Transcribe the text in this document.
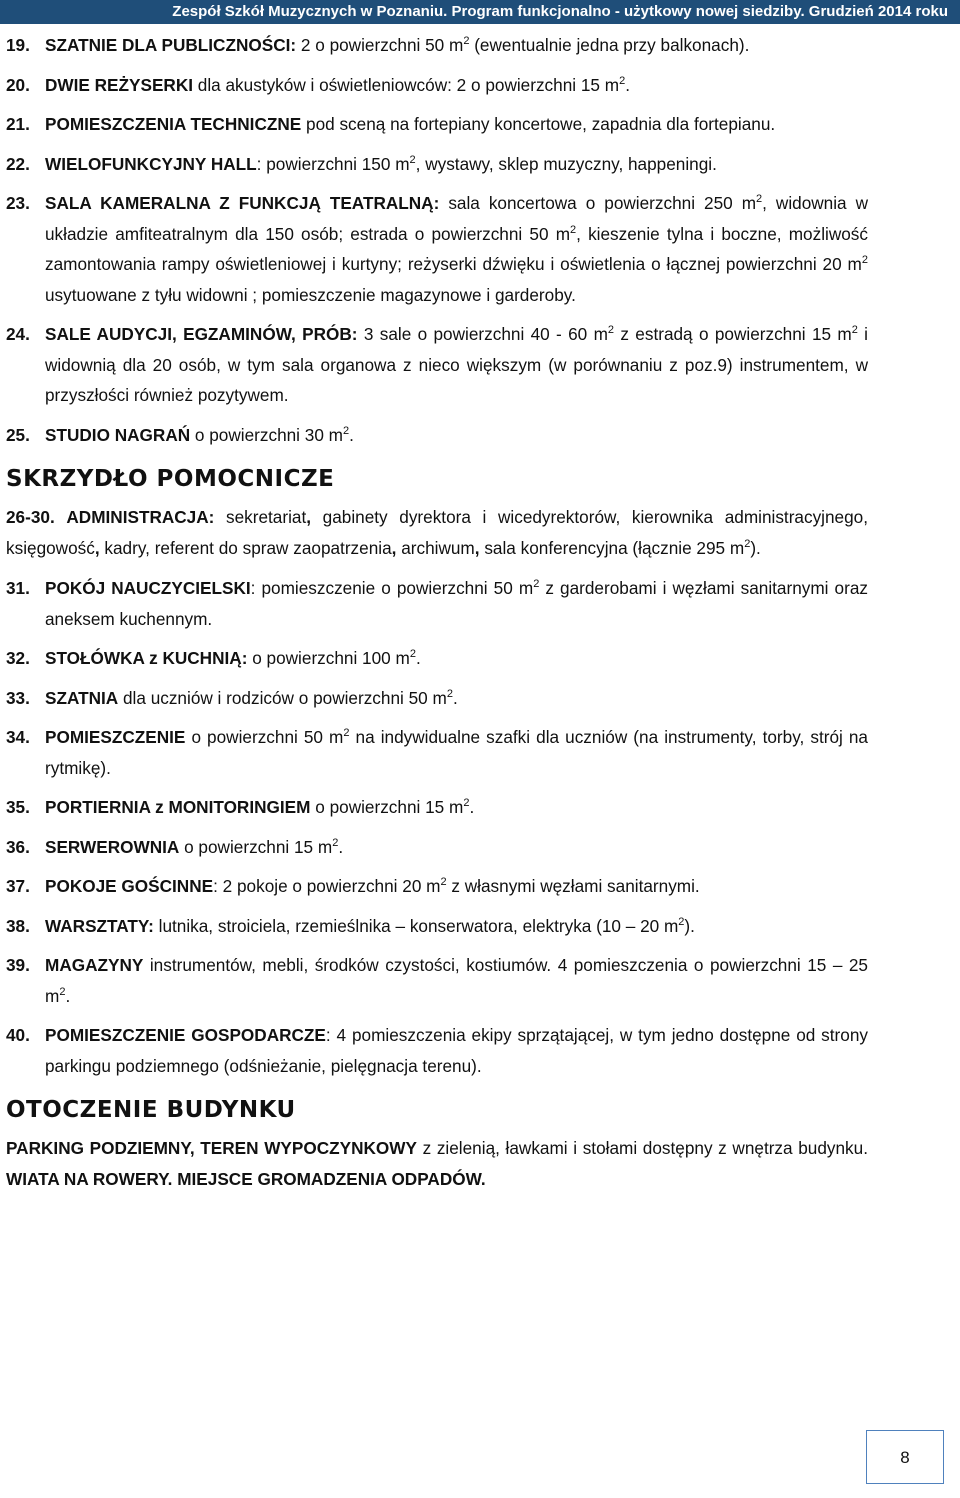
Zespół Szkół Muzycznych w Poznaniu. Program funkcjonalno - użytkowy nowej siedziby. Grudzień 2014 roku
19. SZATNIE DLA PUBLICZNOŚCI: 2 o powierzchni 50 $m^2$ (ewentualnie jedna przy balkonach).
20. DWIE REŻYSERKI dla akustyków i oświetleniowców: 2 o powierzchni 15 $m^2$.
21. POMIESZCZENIA TECHNICZNE pod sceną na fortepiany koncertowe, zapadnia dla fortepianu.
22. WIELOFUNKCYJNY HALL: powierzchni 150 $m^2$, wystawy, sklep muzyczny, happeningi.
23. SALA KAMERALNA Z FUNKCJĄ TEATRALNĄ: sala koncertowa o powierzchni 250 $m^2$, widownia w układzie amfiteatralnym dla 150 osób; estrada o powierzchni 50 $m^2$, kieszenie tylna i boczne, możliwość zamontowania rampy oświetleniowej i kurtyny; reżyserki dźwięku i oświetlenia o łącznej powierzchni 20 $m^2$ usytuowane z tyłu widowni ; pomieszczenie magazynowe i garderoby.
24. SALE AUDYCJI, EGZAMINÓW, PRÓB: 3 sale o powierzchni 40 - 60 $m^2$ z estradą o powierzchni 15 $m^2$ i widownią dla 20 osób, w tym sala organowa z nieco większym (w porównaniu z poz.9) instrumentem, w przyszłości również pozytywem.
25. STUDIO NAGRAŃ o powierzchni 30 $m^2$.
SKRZYDŁO POMOCNICZE
26-30. ADMINISTRACJA: sekretariat, gabinety dyrektora i wicedyrektorów, kierownika administracyjnego, księgowość, kadry, referent do spraw zaopatrzenia, archiwum, sala konferencyjna (łącznie 295 $m^2$).
31. POKÓJ NAUCZYCIELSKI: pomieszczenie o powierzchni 50 $m^2$ z garderobami i węzłami sanitarnymi oraz aneksem kuchennym.
32. STOŁÓWKA z KUCHNIĄ: o powierzchni 100 $m^2$.
33. SZATNIA dla uczniów i rodziców o powierzchni 50 $m^2$.
34. POMIESZCZENIE o powierzchni 50 $m^2$ na indywidualne szafki dla uczniów (na instrumenty, torby, strój na rytmikę).
35. PORTIERNIA z MONITORINGIEM o powierzchni 15 $m^2$.
36. SERWEROWNIA o powierzchni 15 $m^2$.
37. POKOJE GOŚCINNE: 2 pokoje o powierzchni 20 $m^2$ z własnymi węzłami sanitarnymi.
38. WARSZTATY: lutnika, stroiciela, rzemieślnika – konserwatora, elektryka (10 – 20 $m^2$).
39. MAGAZYNY instrumentów, mebli, środków czystości, kostiumów. 4 pomieszczenia o powierzchni 15 – 25 $m^2$.
40. POMIESZCZENIE GOSPODARCZE: 4 pomieszczenia ekipy sprzątającej, w tym jedno dostępne od strony parkingu podziemnego (odśnieżanie, pielęgnacja terenu).
OTOCZENIE BUDYNKU
PARKING PODZIEMNY, TEREN WYPOCZYNKOWY z zielenią, ławkami i stołami dostępny z wnętrza budynku. WIATA NA ROWERY. MIEJSCE GROMADZENIA ODPADÓW.
8
